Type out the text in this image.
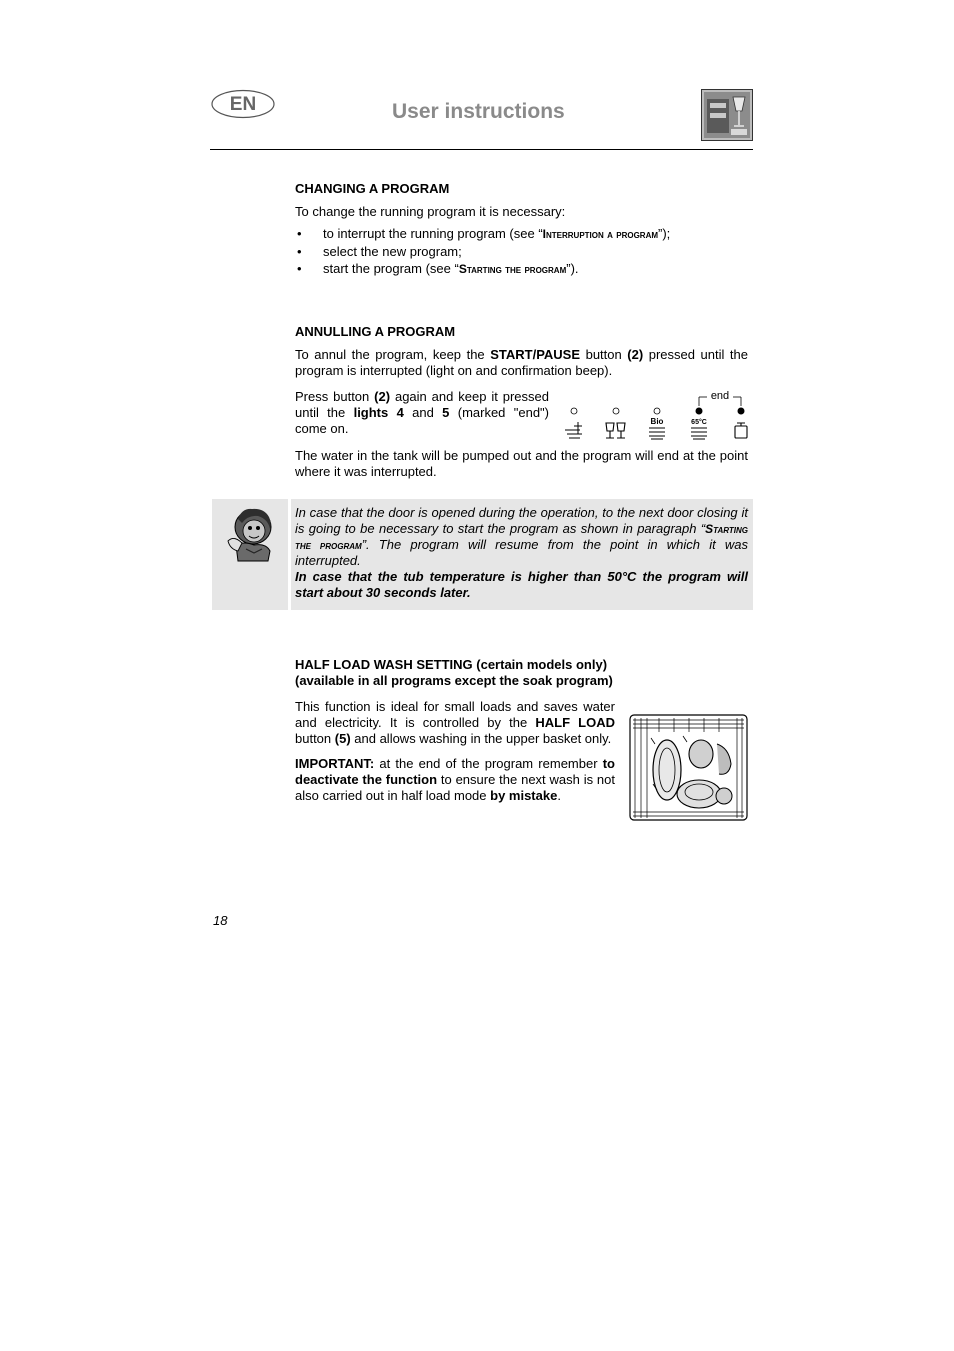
EN	User instructions
CHANGING A PROGRAM

To change the running program it is necessary:

• to interrupt the running program (see “Interruption a program”);
• select the new program;
• start the program (see “Starting the program”).
ANNULLING A PROGRAM

To annul the program, keep the START/PAUSE button (2) pressed until the program is interrupted (light on and confirmation beep).

Press button (2) again and keep it pressed until the lights 4 and 5 (marked "end") come on.
end
Bio	65°C
The water in the tank will be pumped out and the program will end at the point where it was interrupted.
In case that the door is opened during the operation, to the next door closing it is going to be necessary to start the program as shown in paragraph “Starting the program”. The program will resume from the point in which it was interrupted.
In case that the tub temperature is higher than 50°C the program will start about 30 seconds later.
HALF LOAD WASH SETTING (certain models only)
(available in all programs except the soak program)

This function is ideal for small loads and saves water and electricity. It is controlled by the HALF LOAD button (5) and allows washing in the upper basket only.

IMPORTANT: at the end of the program remember to deactivate the function to ensure the next wash is not also carried out in half load mode by mistake.

18
